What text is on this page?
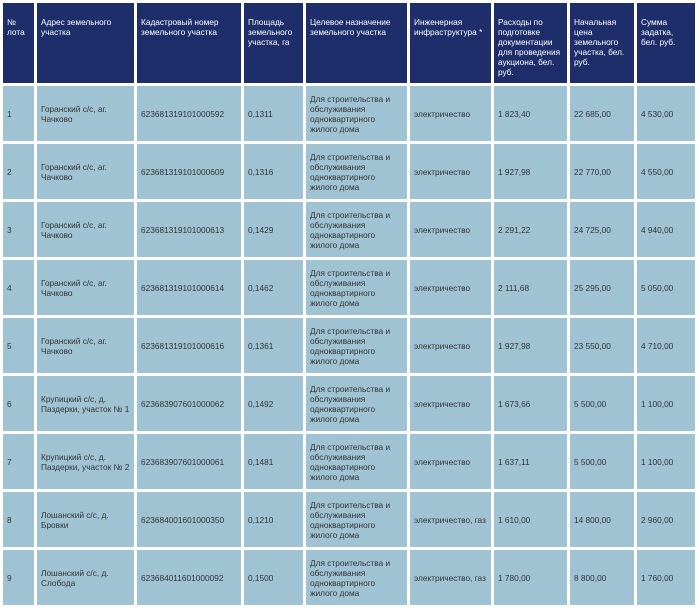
№ лота	Адрес земельного участка	Кадастровый номер земельного участка	Площадь земельного участка, га	Целевое назначение земельного участка	Инженерная инфраструктура *	Расходы по подготовке документации для проведения аукциона, бел. руб.	Начальная цена земельного участка, бел. руб.	Сумма задатка, бел. руб.
1	Горанский с/с, аг. Чачково	623681319101000592	0,1311	Для строительства и обслуживания одноквартирного жилого дома	электричество	1 823,40	22 685,00	4 530,00
2	Горанский с/с, аг. Чачково	623681319101000609	0,1316	Для строительства и обслуживания одноквартирного жилого дома	электричество	1 927,98	22 770,00	4 550,00
3	Горанский с/с, аг. Чачково	623681319101000613	0,1429	Для строительства и обслуживания одноквартирного жилого дома	электричество	2 291,22	24 725,00	4 940,00
4	Горанский с/с, аг. Чачково	623681319101000614	0,1462	Для строительства и обслуживания одноквартирного жилого дома	электричество	2 111,68	25 295,00	5 050,00
5	Горанский с/с, аг. Чачково	623681319101000616	0,1361	Для строительства и обслуживания одноквартирного жилого дома	электричество	1 927,98	23 550,00	4 710,00
6	Крупицкий с/с, д. Паздерки, участок № 1	623683907601000062	0,1492	Для строительства и обслуживания одноквартирного жилого дома	электричество	1 673,66	5 500,00	1 100,00
7	Крупицкий с/с, д. Паздерки, участок № 2	623683907601000061	0,1481	Для строительства и обслуживания одноквартирного жилого дома	электричество	1 637,11	5 500,00	1 100,00
8	Лошанский с/с, д. Бровки	623684001601000350	0,1210	Для строительства и обслуживания одноквартирного жилого дома	электричество, газ	1 610,00	14 800,00	2 960,00
9	Лошанский с/с, д. Слобода	623684011601000092	0,1500	Для строительства и обслуживания одноквартирного жилого дома	электричество, газ	1 780,00	8 800,00	1 760,00
